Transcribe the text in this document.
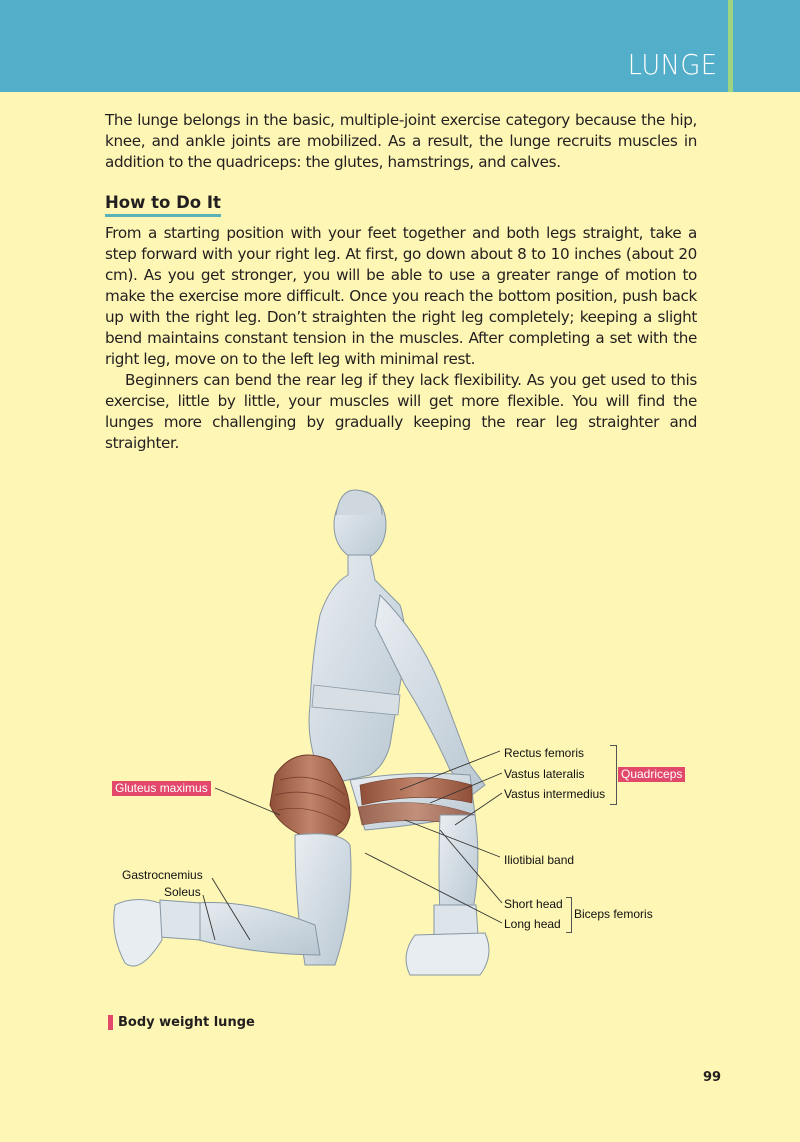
LUNGE

The lunge belongs in the basic, multiple-joint exercise category because the hip, knee, and ankle joints are mobilized. As a result, the lunge recruits muscles in addition to the quadriceps: the glutes, hamstrings, and calves.

How to Do It

From a starting position with your feet together and both legs straight, take a step forward with your right leg. At first, go down about 8 to 10 inches (about 20 cm). As you get stronger, you will be able to use a greater range of motion to make the exercise more difficult. Once you reach the bottom position, push back up with the right leg. Don’t straighten the right leg completely; keeping a slight bend maintains constant tension in the muscles. After completing a set with the right leg, move on to the left leg with minimal rest.

Beginners can bend the rear leg if they lack flexibility. As you get used to this exercise, little by little, your muscles will get more flexible. You will find the lunges more challenging by gradually keeping the rear leg straighter and straighter.

Gluteus maximus
Rectus femoris
Vastus lateralis
Vastus intermedius
Quadriceps
Iliotibial band
Short head
Long head
Biceps femoris
Gastrocnemius
Soleus
Body weight lunge
99
